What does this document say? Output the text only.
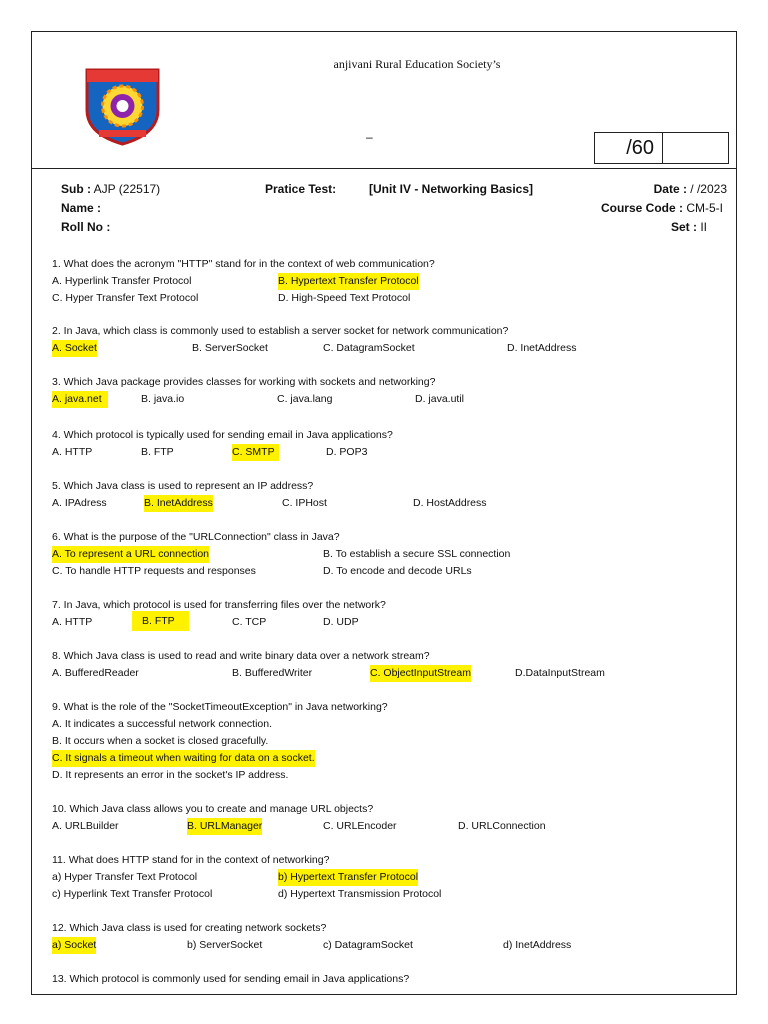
anjivani Rural Education Society’s
–	/60
Sub : AJP (22517)	Pratice Test:	[Unit IV - Networking Basics]	Date : / /2023
Name :	Course Code : CM-5-I
Roll No :	Set : II
1. What does the acronym "HTTP" stand for in the context of web communication?
A. Hyperlink Transfer Protocol	B. Hypertext Transfer Protocol
C. Hyper Transfer Text Protocol	D. High-Speed Text Protocol
2. In Java, which class is commonly used to establish a server socket for network communication?
A. Socket	B. ServerSocket	C. DatagramSocket	D. InetAddress
3. Which Java package provides classes for working with sockets and networking?
A. java.net	B. java.io	C. java.lang	D. java.util
4. Which protocol is typically used for sending email in Java applications?
A. HTTP	B. FTP	C. SMTP	D. POP3
5. Which Java class is used to represent an IP address?
A. IPAdress	B. InetAddress	C. IPHost	D. HostAddress
6. What is the purpose of the "URLConnection" class in Java?
A. To represent a URL connection	B. To establish a secure SSL connection
C. To handle HTTP requests and responses	D. To encode and decode URLs
7. In Java, which protocol is used for transferring files over the network?
A. HTTP	B. FTP	C. TCP	D. UDP
8. Which Java class is used to read and write binary data over a network stream?
A. BufferedReader	B. BufferedWriter	C. ObjectInputStream	D.DataInputStream
9. What is the role of the "SocketTimeoutException" in Java networking?
A. It indicates a successful network connection.
B. It occurs when a socket is closed gracefully.
C. It signals a timeout when waiting for data on a socket.
D. It represents an error in the socket's IP address.
10. Which Java class allows you to create and manage URL objects?
A. URLBuilder	B. URLManager	C. URLEncoder	D. URLConnection
11. What does HTTP stand for in the context of networking?
a) Hyper Transfer Text Protocol	b) Hypertext Transfer Protocol
c) Hyperlink Text Transfer Protocol	d) Hypertext Transmission Protocol
12. Which Java class is used for creating network sockets?
a) Socket	b) ServerSocket	c) DatagramSocket	d) InetAddress
13. Which protocol is commonly used for sending email in Java applications?
